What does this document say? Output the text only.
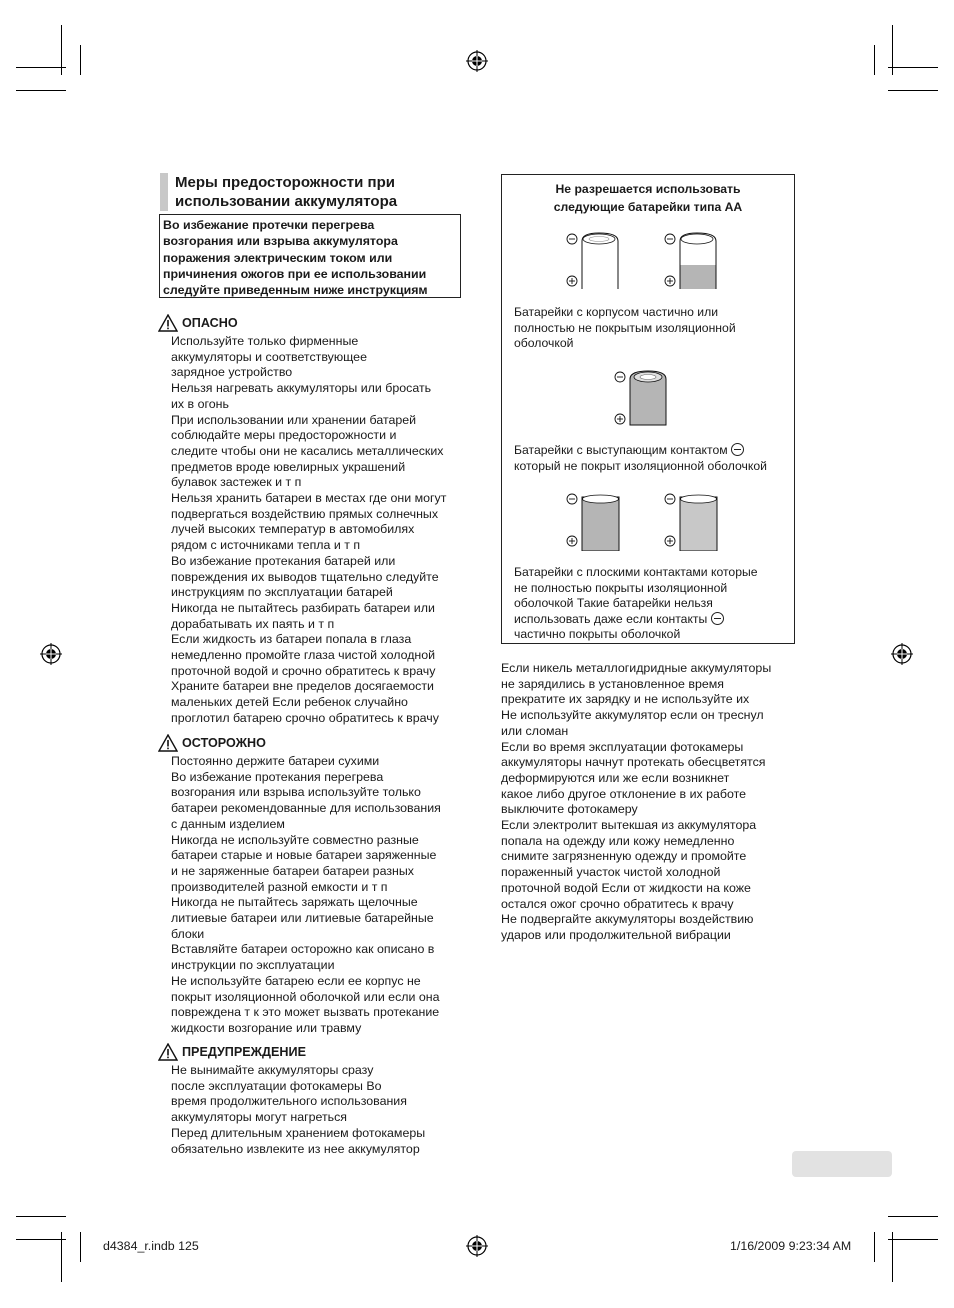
Меры предосторожности при
использовании аккумулятора
Во избежание протечки перегрева
возгорания или взрыва аккумулятора
поражения электрическим током или
причинения ожогов при ее использовании
следуйте приведенным ниже инструкциям
ОПАСНО
Используйте только фирменные
аккумуляторы и соответствующее
зарядное устройство
Нельзя нагревать аккумуляторы или бросать
их в огонь
При использовании или хранении батарей
соблюдайте меры предосторожности и
следите чтобы они не касались металлических
предметов вроде ювелирных украшений
булавок застежек и т п
Нельзя хранить батареи в местах где они могут
подвергаться воздействию прямых солнечных
лучей высоких температур в автомобилях
рядом с источниками тепла и т п
Во избежание протекания батарей или
повреждения их выводов тщательно следуйте
инструкциям по эксплуатации батарей
Никогда не пытайтесь разбирать батареи или
дорабатывать их паять и т п
Если жидкость из батареи попала в глаза
немедленно промойте глаза чистой холодной
проточной водой и срочно обратитесь к врачу
Храните батареи вне пределов досягаемости
маленьких детей Если ребенок случайно
проглотил батарею срочно обратитесь к врачу
ОСТОРОЖНО
Постоянно держите батареи сухими
Во избежание протекания перегрева
возгорания или взрыва используйте только
батареи рекомендованные для использования
с данным изделием
Никогда не используйте совместно разные
батареи старые и новые батареи заряженные
и не заряженные батареи батареи разных
производителей разной емкости и т п
Никогда не пытайтесь заряжать щелочные
литиевые батареи или литиевые батарейные
блоки
Вставляйте батареи осторожно как описано в
инструкции по эксплуатации
Не используйте батарею если ее корпус не
покрыт изоляционной оболочкой или если она
повреждена т к это может вызвать протекание
жидкости возгорание или травму
ПРЕДУПРЕЖДЕНИЕ
Не вынимайте аккумуляторы сразу
после эксплуатации фотокамеры Во
время продолжительного использования
аккумуляторы могут нагреться
Перед длительным хранением фотокамеры
обязательно извлеките из нее аккумулятор
Не разрешается использовать
следующие батарейки типа АА
Батарейки с корпусом частично или
полностью не покрытым изоляционной
оболочкой
Батарейки с выступающим контактом
который не покрыт изоляционной оболочкой
Батарейки с плоскими контактами которые
не полностью покрыты изоляционной
оболочкой Такие батарейки нельзя
использовать даже если контакты
частично покрыты оболочкой
Если никель металлогидридные аккумуляторы
не зарядились в установленное время
прекратите их зарядку и не используйте их
Не используйте аккумулятор если он треснул
или сломан
Если во время эксплуатации фотокамеры
аккумуляторы начнут протекать обесцветятся
деформируются или же если возникнет
какое либо другое отклонение в их работе
выключите фотокамеру
Если электролит вытекшая из аккумулятора
попала на одежду или кожу немедленно
снимите загрязненную одежду и промойте
пораженный участок чистой холодной
проточной водой Если от жидкости на коже
остался ожог срочно обратитесь к врачу
Не подвергайте аккумуляторы воздействию
ударов или продолжительной вибрации
d4384_r.indb 125	1/16/2009 9:23:34 AM
